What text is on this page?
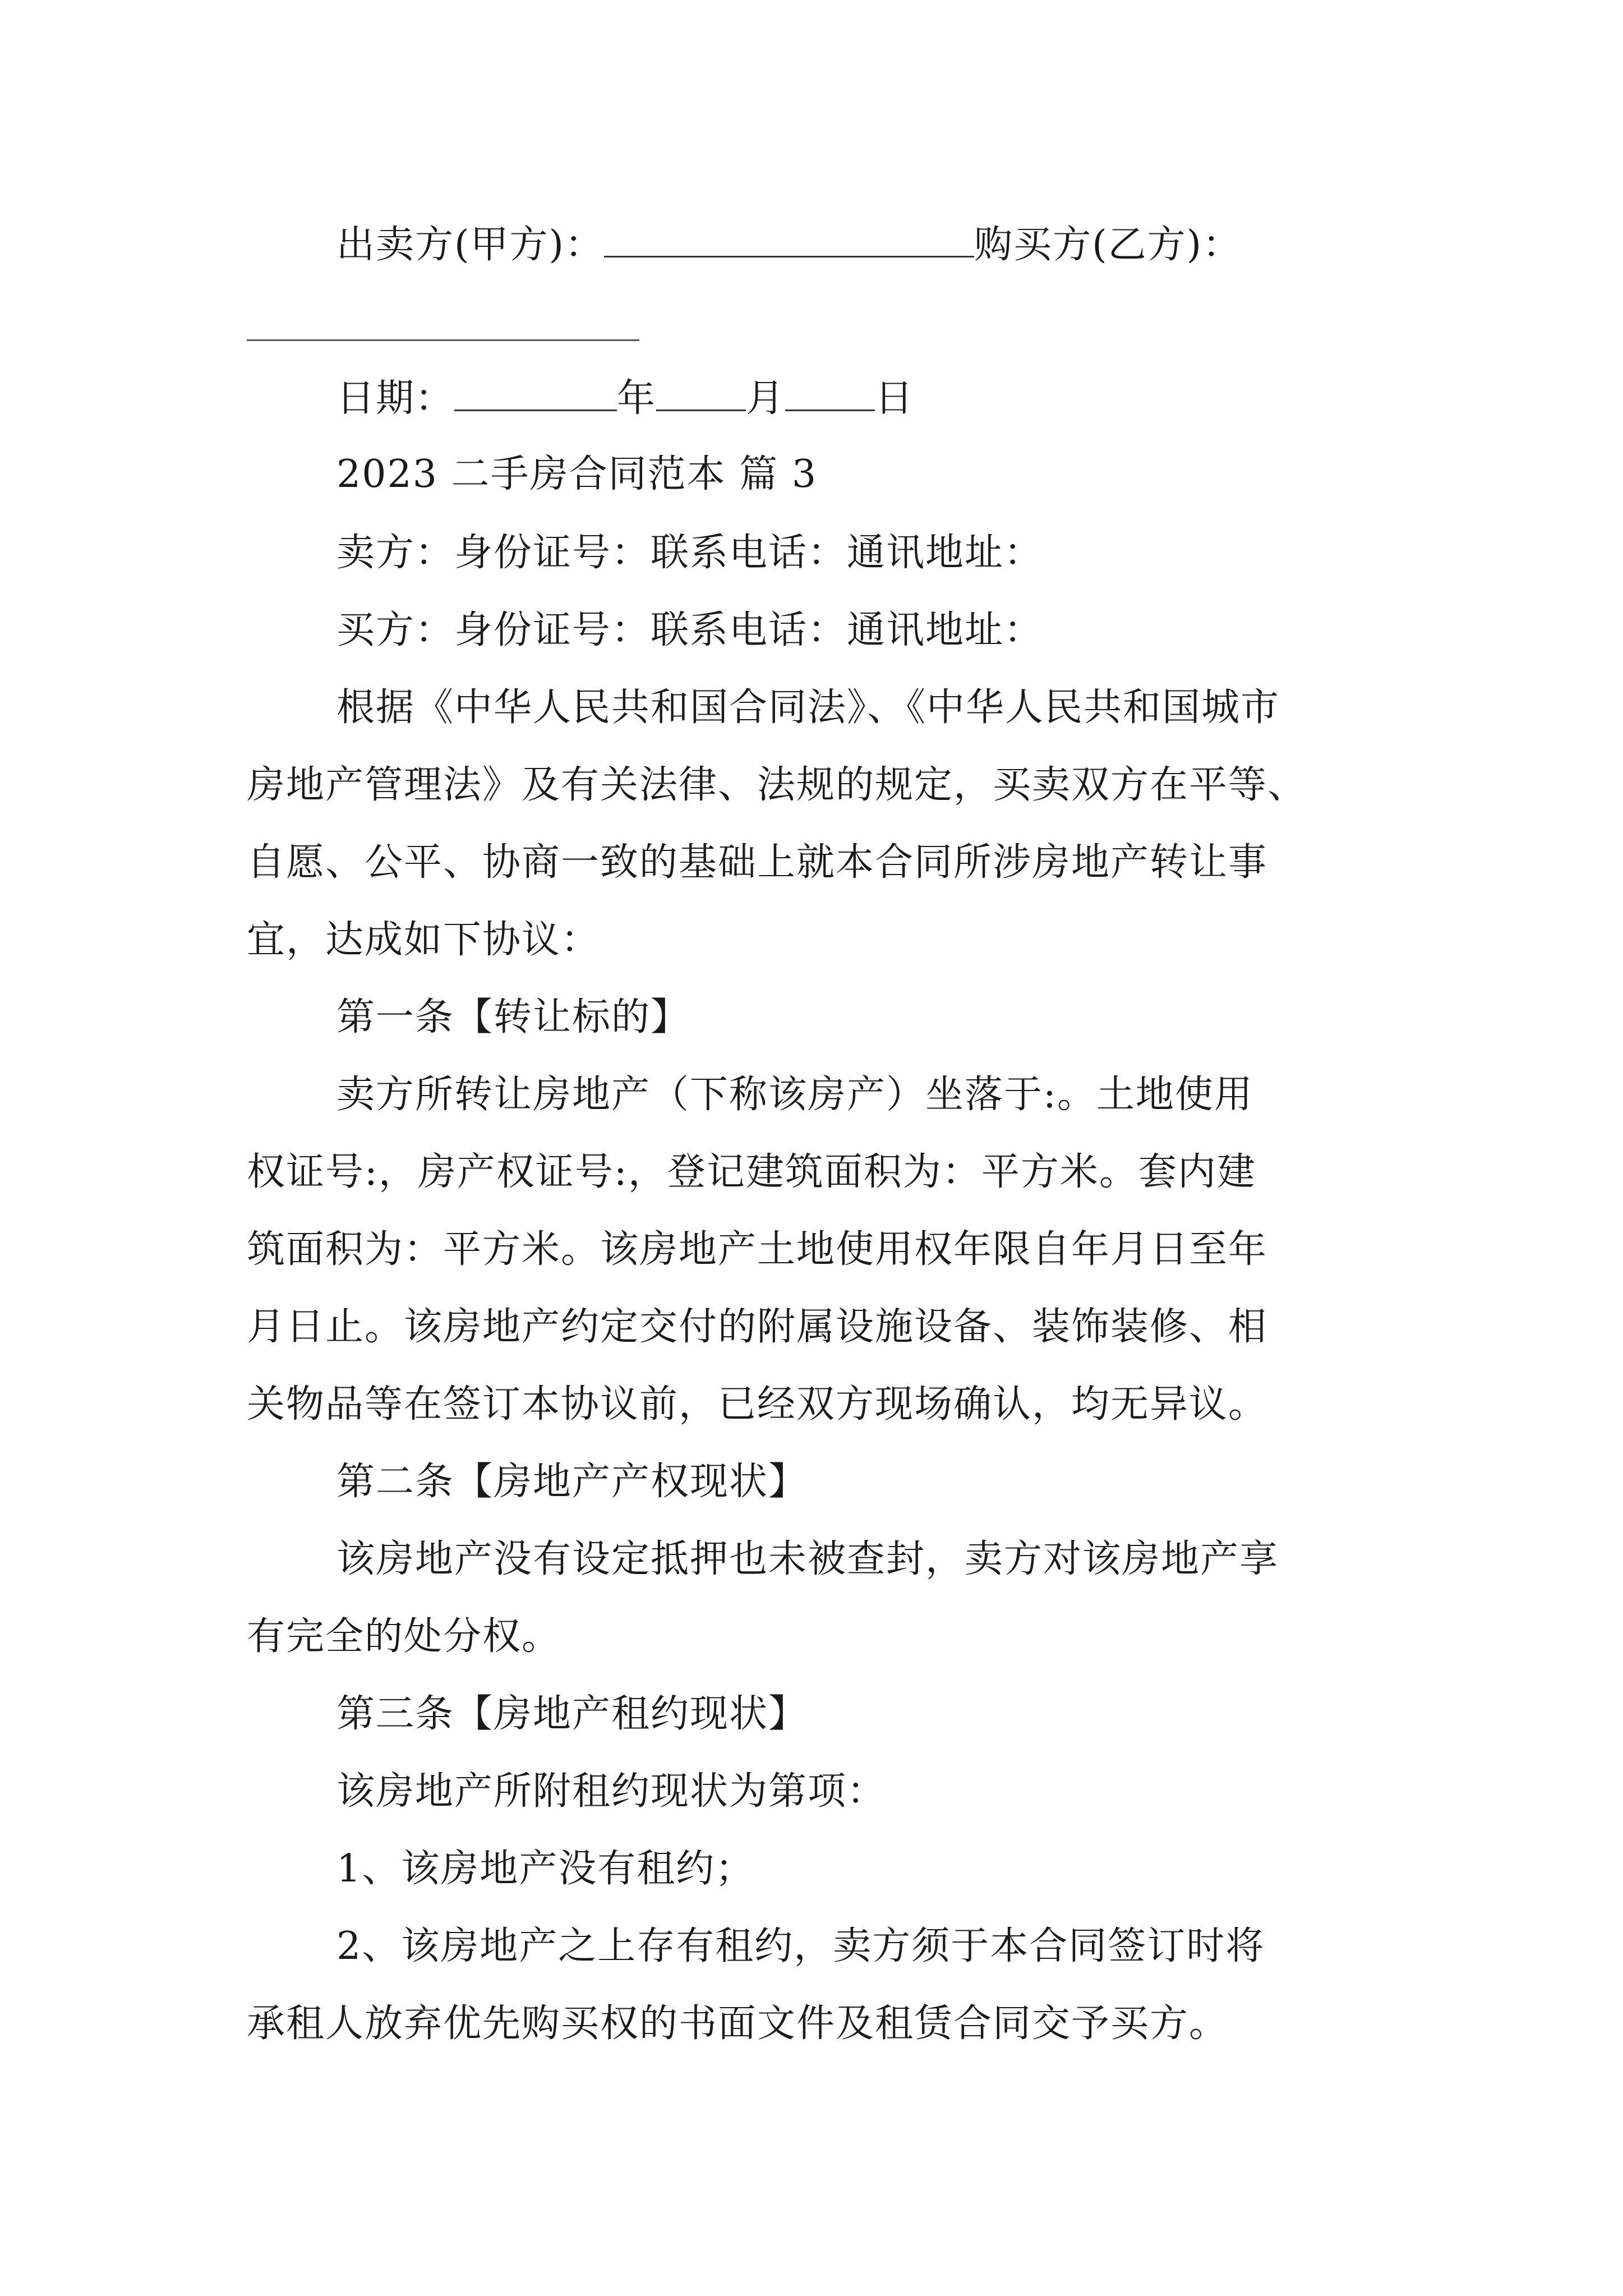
出卖方(甲方)：	购买方(乙方)：
日期：	年 月 日
2023 二手房合同范本 篇 3
卖方：身份证号：联系电话：通讯地址：
买方：身份证号：联系电话：通讯地址：
根据《中华人民共和国合同法》、《中华人民共和国城市
房地产管理法》及有关法律、法规的规定，买卖双方在平等、
自愿、公平、协商一致的基础上就本合同所涉房地产转让事
宜，达成如下协议：
第一条【转让标的】
卖方所转让房地产（下称该房产）坐落于:。土地使用
权证号:，房产权证号:，登记建筑面积为：平方米。套内建
筑面积为：平方米。该房地产土地使用权年限自年月日至年
月日止。该房地产约定交付的附属设施设备、装饰装修、相
关物品等在签订本协议前，已经双方现场确认，均无异议。
第二条【房地产产权现状】
该房地产没有设定抵押也未被查封，卖方对该房地产享
有完全的处分权。
第三条【房地产租约现状】
该房地产所附租约现状为第项：
1、该房地产没有租约；
2、该房地产之上存有租约，卖方须于本合同签订时将
承租人放弃优先购买权的书面文件及租赁合同交予买方。
